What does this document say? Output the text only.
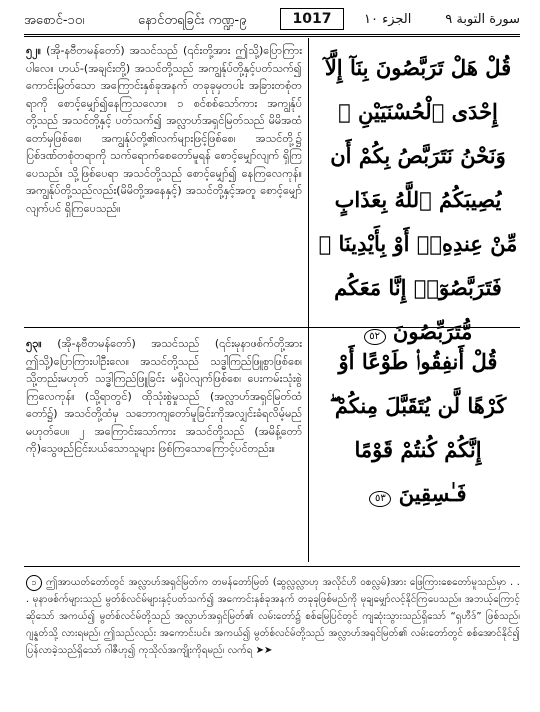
အစောင်-၁၀၊	နောင်တရခြင်း ကဏ္ဍ-၉	1017	الجزء ١٠	سورة التوبة ٩
၅၂။ (အို-နဗီတမန်တော်) အသင်သည် (၎င်းတို့အား ဤသို့)ပြောကြားပါလေ။ ဟယ်-(အချင်းတို့) အသင်တို့သည် အကျွန်ုပ်တို့နှင့်ပတ်သက်၍ ကောင်းမြတ်သော အကြောင်းနှစ်ခုအနက် တခုခုမှတပါး အခြားတစုံတရာကို စောင့်မျှော်၍နေကြသလော။ ၁ စင်စစ်သော်ကား အကျွန်ုပ်တို့သည် အသင်တို့နှင့် ပတ်သက်၍ အလ္လာဟ်အရှင်မြတ်သည် မိမိအထံတော်မှဖြစ်စေ၊ အကျွန်ုပ်တို့၏လက်များဖြင့်ဖြစ်စေ၊ အသင်တို့၌ ပြစ်ဒဏ်တစုံတရာကို သက်ရောက်စေတော်မူရန် စောင့်မျှော်လျက် ရှိကြပေသည်။ သို့ဖြစ်ပေရာ အသင်တို့သည် စောင့်မျှော်၍ နေကြလေကုန်။ အကျွန်ုပ်တို့သည်လည်း(မိမိတို့အနေနှင့်) အသင်တို့နှင့်အတူ စောင့်မျှော်လျက်ပင် ရှိကြပေသည်။
قُلْ هَلْ تَرَبَّصُونَ بِنَآ إِلَّآ إِحْدَى ٱلْحُسْنَيَيْنِ ۖ وَنَحْنُ نَتَرَبَّصُ بِكُمْ أَن يُصِيبَكُمُ ٱللَّهُ بِعَذَابٍ مِّنْ عِندِهِۦٓ أَوْ بِأَيْدِينَا ۖ فَتَرَبَّصُوٓا۟ إِنَّا مَعَكُم مُّتَرَبِّصُونَ ٥٢
၅၃။ (အို-နဗီတမန်တော်) အသင်သည် (၎င်းမုနာဖစ်က်တို့အား ဤသို့)ပြောကြားပါဦးလေ။ အသင်တို့သည် သဒ္ဓါကြည်ဖြူစွာဖြစ်စေ၊ သို့တည်းမဟုတ် သဒ္ဓါကြည်ဖြူခြင်း မရှိပဲလျက်ဖြစ်စေ၊ ပေးကမ်းသုံးစွဲကြလေကုန်။ (သို့ရာတွင်) ထိုသုံးစွဲမှုသည် (အလ္လာဟ်အရှင်မြတ်ထံတော်၌) အသင်တို့ထံမှ သဘောကျတော်မူခြင်းကိုအလျှင်းခံရလိမ့်မည်မဟုတ်ပေ။ ၂ အကြောင်းသော်ကား အသင်တို့သည် (အမိန့်တော်ကို)သွေဖည်ငြင်းပယ်သောသူများ ဖြစ်ကြသောကြောင့်ပင်တည်း။
قُلْ أَنفِقُوا۟ طَوْعًا أَوْ كَرْهًا لَّن يُتَقَبَّلَ مِنكُمْ ۖ إِنَّكُمْ كُنتُمْ قَوْمًا فَـٰسِقِينَ ٥٣
၁ ဤအာယတ်တော်တွင် အလ္လာဟ်အရှင်မြတ်က တမန်တော်မြတ် (ဆွလ္လလ္လာဟု အလိုင်ဟိ ဝစလ္လမ်)အား ဖြေကြားစေတော်မူသည်မှာ . . . မုနာဖစ်က်များသည် မွတ်စ်လင်မ်များနှင့်ပတ်သက်၍ အကောင်းနှစ်ခုအနက် တခုခုဖြစ်မည်ကို မုချမျှော်လင့်နိုင်ကြပေသည်။ အဘယ့်ကြောင့်ဆိုသော် အကယ်၍ မွတ်စ်လင်မ်တို့သည် အလ္လာဟ်အရှင်မြတ်၏ လမ်းတော်၌ စစ်မြေပြင်တွင် ကျဆုံးသွားသည်ရှိသော် “ရှဟီဒ်” ဖြစ်သည်၊ ဂျန္နတ်သို့ လားရမည်၊ ဤသည်လည်း အကောင်းပင်။ အကယ်၍ မွတ်စ်လင်မ်တို့သည် အလ္လာဟ်အရှင်မြတ်၏ လမ်းတော်တွင် စစ်အောင်နိုင်၍ ပြန်လာခဲ့သည်ရှိသော် ဂါဇီဟု၍ ကုသိုလ်အကျိုးကိုရမည်၊ လက်ရ ➤➤
